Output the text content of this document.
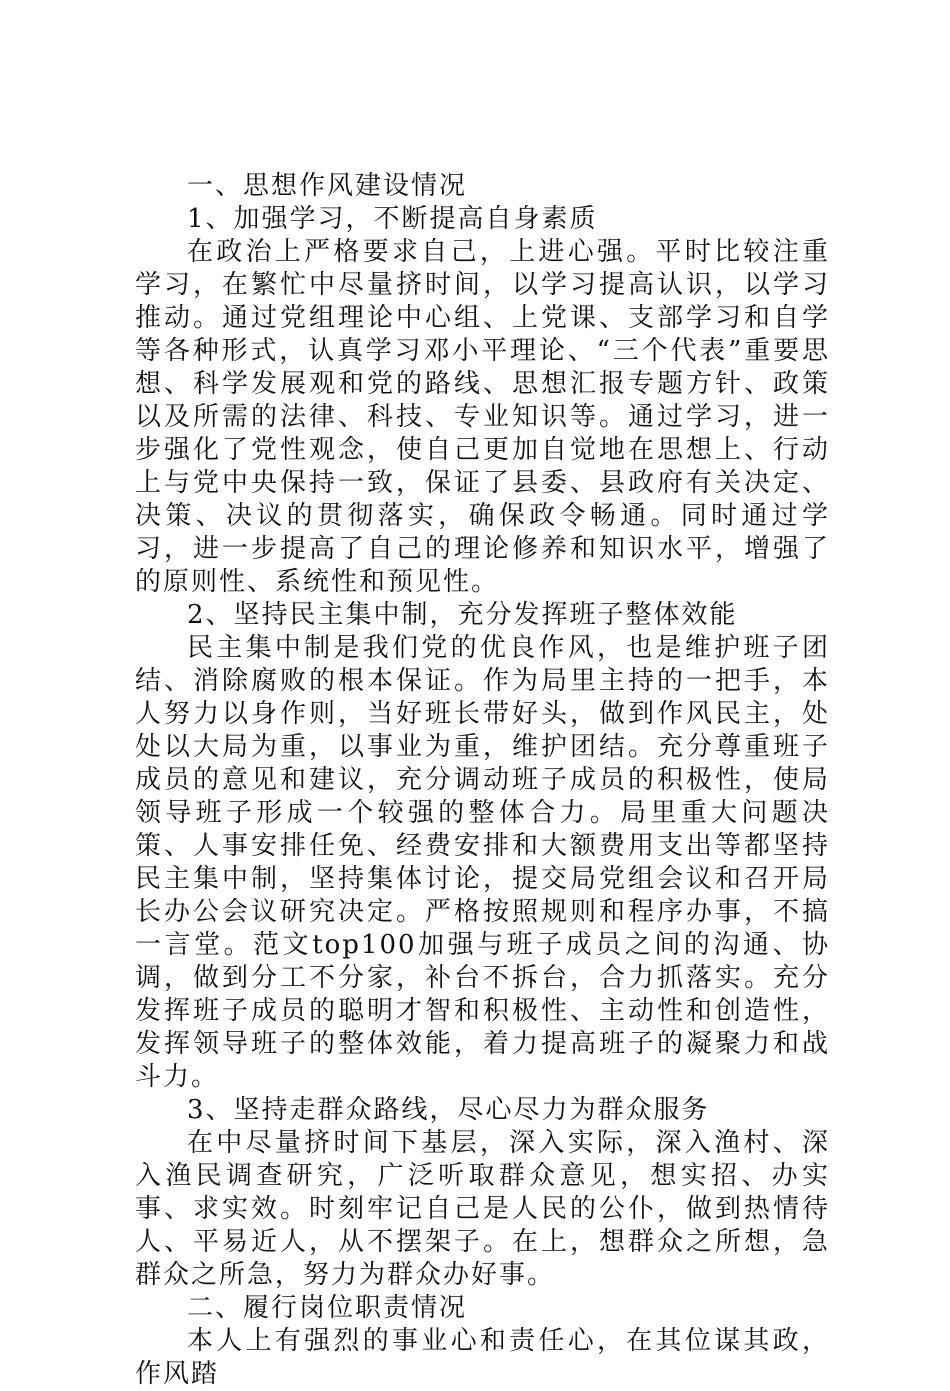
一、思想作风建设情况

1、加强学习，不断提高自身素质

在政治上严格要求自己，上进心强。平时比较注重学习，在繁忙中尽量挤时间，以学习提高认识，以学习推动。通过党组理论中心组、上党课、支部学习和自学等各种形式，认真学习邓小平理论、“三个代表”重要思想、科学发展观和党的路线、思想汇报专题方针、政策以及所需的法律、科技、专业知识等。通过学习，进一步强化了党性观念，使自己更加自觉地在思想上、行动上与党中央保持一致，保证了县委、县政府有关决定、决策、决议的贯彻落实，确保政令畅通。同时通过学习，进一步提高了自己的理论修养和知识水平，增强了的原则性、系统性和预见性。

2、坚持民主集中制，充分发挥班子整体效能

民主集中制是我们党的优良作风，也是维护班子团结、消除腐败的根本保证。作为局里主持的一把手，本人努力以身作则，当好班长带好头，做到作风民主，处处以大局为重，以事业为重，维护团结。充分尊重班子成员的意见和建议，充分调动班子成员的积极性，使局领导班子形成一个较强的整体合力。局里重大问题决策、人事安排任免、经费安排和大额费用支出等都坚持民主集中制，坚持集体讨论，提交局党组会议和召开局长办公会议研究决定。严格按照规则和程序办事，不搞一言堂。范文top100加强与班子成员之间的沟通、协调，做到分工不分家，补台不拆台，合力抓落实。充分发挥班子成员的聪明才智和积极性、主动性和创造性，发挥领导班子的整体效能，着力提高班子的凝聚力和战斗力。

3、坚持走群众路线，尽心尽力为群众服务

在中尽量挤时间下基层，深入实际，深入渔村、深入渔民调查研究，广泛听取群众意见，想实招、办实事、求实效。时刻牢记自己是人民的公仆，做到热情待人、平易近人，从不摆架子。在上，想群众之所想，急群众之所急，努力为群众办好事。

二、履行岗位职责情况

本人上有强烈的事业心和责任心，在其位谋其政，作风踏
